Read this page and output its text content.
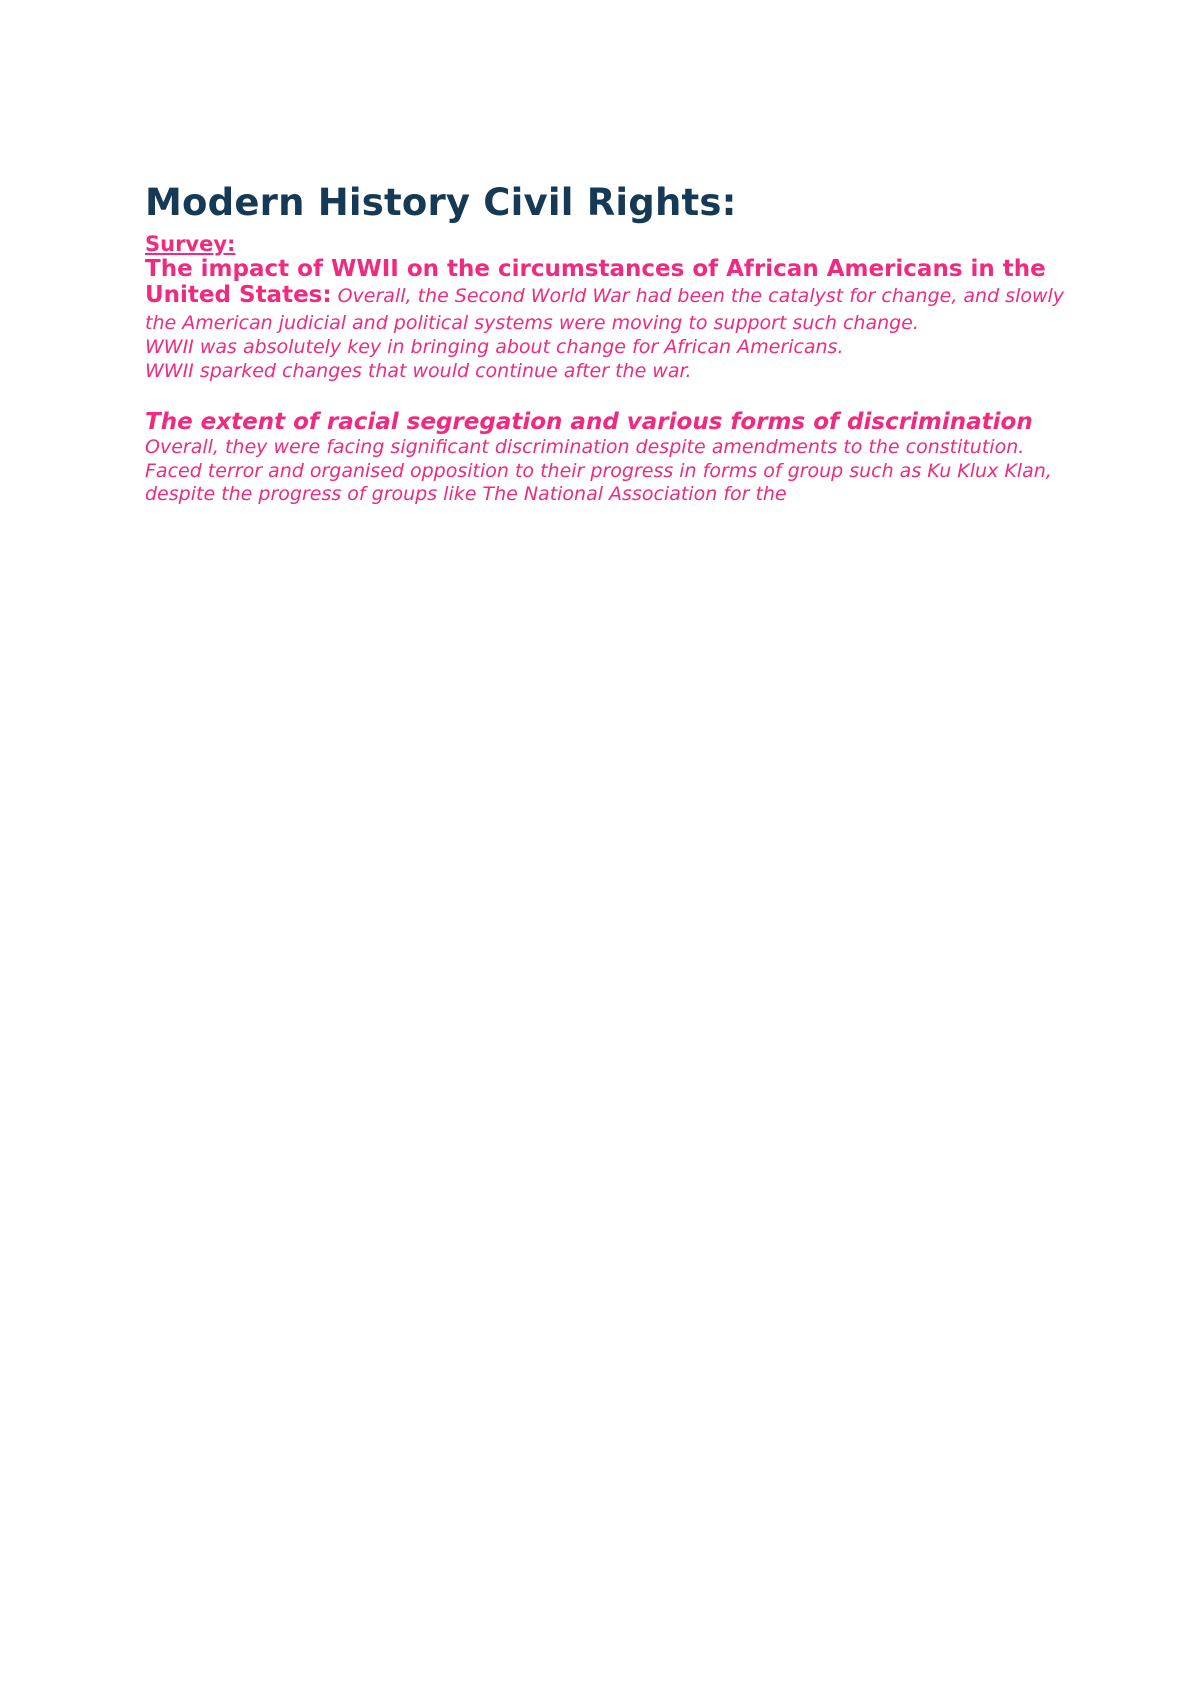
Modern History Civil Rights:
Survey:
The impact of WWII on the circumstances of African Americans in the United States: Overall, the Second World War had been the catalyst for change, and slowly the American judicial and political systems were moving to support such change.
WWII was absolutely key in bringing about change for African Americans.
WWII sparked changes that would continue after the war.
The extent of racial segregation and various forms of discrimination
Overall, they were facing significant discrimination despite amendments to the constitution. Faced terror and organised opposition to their progress in forms of group such as Ku Klux Klan, despite the progress of groups like The National Association for the
